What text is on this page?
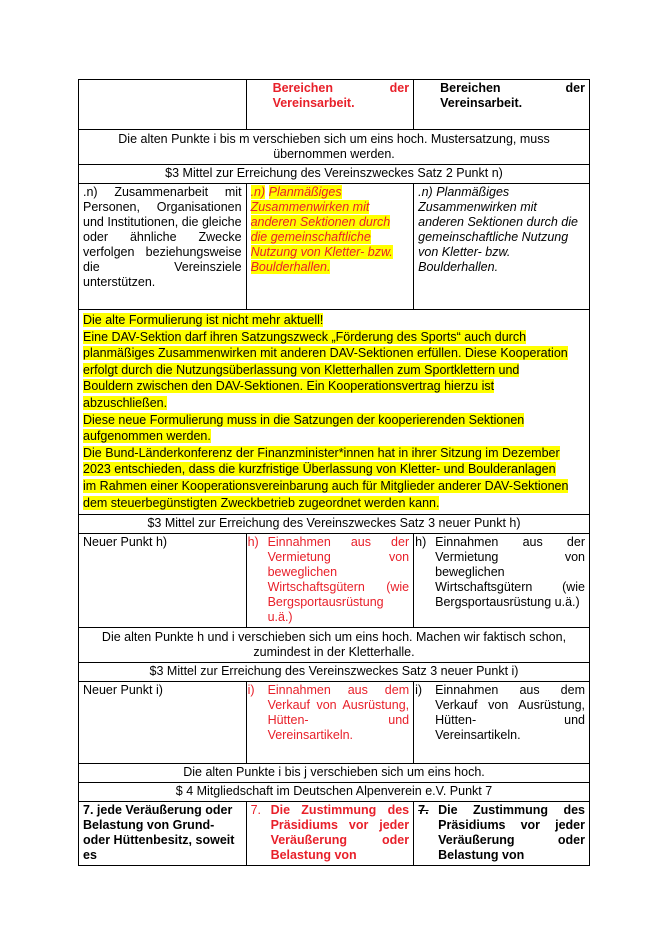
	Bereichen der Vereinsarbeit.	Bereichen der Vereinsarbeit.

Die alten Punkte i bis m verschieben sich um eins hoch. Mustersatzung, muss übernommen werden.		
$3 Mittel zur Erreichung des Vereinszweckes Satz 2 Punkt n)		
.n) Zusammenarbeit mit Personen, Organisationen und Institutionen, die gleiche oder ähnliche Zwecke verfolgen beziehungsweise die Vereinsziele unterstützen.	.n) Planmäßiges Zusammenwirken mit anderen Sektionen durch die gemeinschaftliche Nutzung von Kletter- bzw. Boulderhallen.	.n) Planmäßiges Zusammenwirken mit anderen Sektionen durch die gemeinschaftliche Nutzung von Kletter- bzw. Boulderhallen.
Die alte Formulierung ist nicht mehr aktuell!
Eine DAV-Sektion darf ihren Satzungszweck „Förderung des Sports“ auch durch planmäßiges Zusammenwirken mit anderen DAV-Sektionen erfüllen. Diese Kooperation erfolgt durch die Nutzungsüberlassung von Kletterhallen zum Sportklettern und Bouldern zwischen den DAV-Sektionen. Ein Kooperationsvertrag hierzu ist abzuschließen.
Diese neue Formulierung muss in die Satzungen der kooperierenden Sektionen aufgenommen werden.
Die Bund-Länderkonferenz der Finanzminister*innen hat in ihrer Sitzung im Dezember 2023 entschieden, dass die kurzfristige Überlassung von Kletter- und Boulderanlagen im Rahmen einer Kooperationsvereinbarung auch für Mitglieder anderer DAV-Sektionen dem steuerbegünstigten Zweckbetrieb zugeordnet werden kann.		
$3 Mittel zur Erreichung des Vereinszweckes Satz 3 neuer Punkt h)		
Neuer Punkt h)	h) Einnahmen aus der Vermietung von beweglichen Wirtschaftsgütern (wie Bergsportausrüstung u.ä.)	h) Einnahmen aus der Vermietung von beweglichen Wirtschaftsgütern (wie Bergsportausrüstung u.ä.)

Die alten Punkte h und i verschieben sich um eins hoch. Machen wir faktisch schon, zumindest in der Kletterhalle.		
$3 Mittel zur Erreichung des Vereinszweckes Satz 3 neuer Punkt i)		
Neuer Punkt i)	i) Einnahmen aus dem Verkauf von Ausrüstung, Hütten- und Vereinsartikeln.	i) Einnahmen aus dem Verkauf von Ausrüstung, Hütten- und Vereinsartikeln.

Die alten Punkte i bis j verschieben sich um eins hoch.		
$ 4 Mitgliedschaft im Deutschen Alpenverein e.V. Punkt 7		
7. jede Veräußerung oder Belastung von Grund- oder Hüttenbesitz, soweit es	7. Die Zustimmung des Präsidiums vor jeder Veräußerung oder Belastung von	7. Die Zustimmung des Präsidiums vor jeder Veräußerung oder Belastung von
